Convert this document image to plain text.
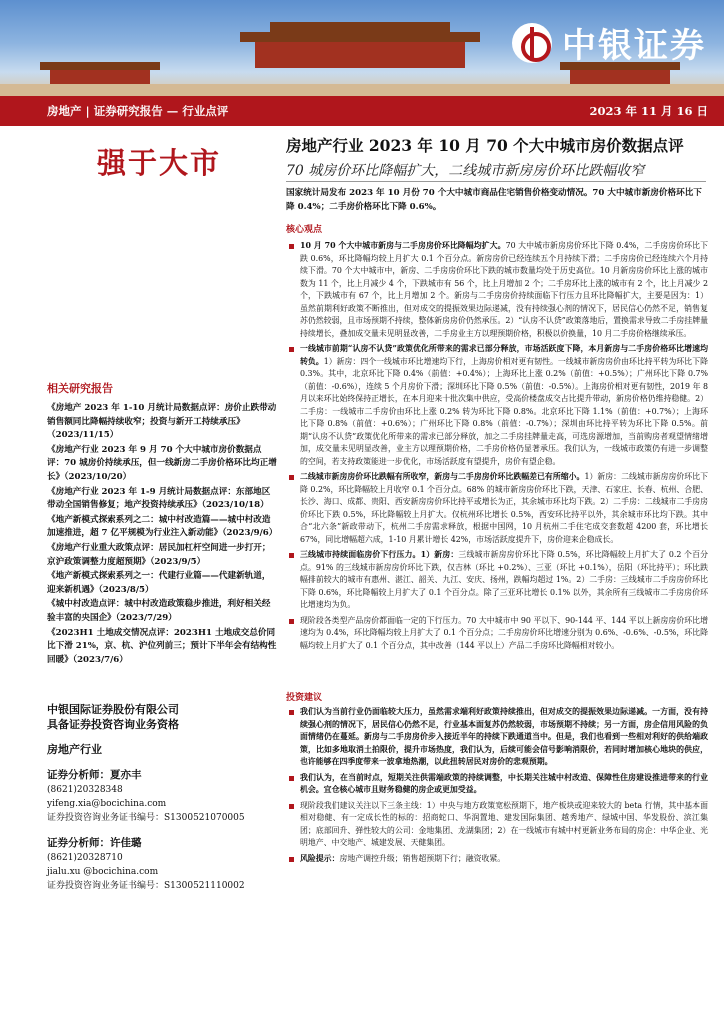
中银证券
房地产 | 证券研究报告 — 行业点评	2023 年 11 月 16 日
强于大市
房地产行业 2023 年 10 月 70 个大中城市房价数据点评
70 城房价环比降幅扩大，二线城市新房房价环比跌幅收窄
国家统计局发布 2023 年 10 月份 70 个大中城市商品住宅销售价格变动情况。70 大中城市新房价格环比下降 0.4%；二手房价格环比下降 0.6%。
核心观点
10 月 70 个大中城市新房与二手房房价环比降幅均扩大。70 大中城市新房房价环比下降 0.4%，二手房房价环比下跌 0.6%，环比降幅均较上月扩大 0.1 个百分点。新房房价已经连续五个月持续下滑；二手房房价已经连续六个月持续下滑。70 个大中城市中，新房、二手房房价环比下跌的城市数量均处于历史高位。10 月新房房价环比上涨的城市数为 11 个，比上月减少 4 个，下跌城市有 56 个，比上月增加 2 个；二手房环比上涨的城市有 2 个，比上月减少 2 个，下跌城市有 67 个，比上月增加 2 个。新房与二手房房价持续面临下行压力且环比降幅扩大，主要是因为：1）虽然前期利好政策不断推出，但对成交的提振效果边际递减，没有持续强心剂的情况下，居民信心仍然不足，销售复苏仍然较弱，且市场预期不持续，整体新房房价仍然承压。2）“认房不认贷”政策落地后，置换需求导致二手房挂牌量持续增长，叠加成交量未见明显改善，二手房业主方以理预期价格，积极以价换量，10 月二手房价格继续承压。
一线城市前期“认房不认贷”政策优化所带来的需求已部分释放，市场活跃度下降，本月新房与二手房价格环比增速均转负。1）新房：四个一线城市环比增速均下行，上海房价相对更有韧性。一线城市新房房价由环比持平转为环比下降 0.3%。其中，北京环比下降 0.4%（前值：+0.4%）；上海环比上涨 0.2%（前值：+0.5%）；广州环比下降 0.7%（前值：-0.6%），连续 5 个月房价下滑；深圳环比下降 0.5%（前值：-0.5%）。上海房价相对更有韧性，2019 年 8 月以来环比始终保持正增长，在本月迎来十批次集中供应，受高价楼盘成交占比提升带动，新房价格仍维持稳健。2）二手房：一线城市二手房价由环比上涨 0.2% 转为环比下降 0.8%。北京环比下降 1.1%（前值：+0.7%）；上海环比下降 0.8%（前值：+0.6%）；广州环比下降 0.8%（前值：-0.7%）；深圳由环比持平转为环比下降 0.5%。前期“认房不认贷”政策优化所带来的需求已部分释放，加之二手房挂牌量走高，可选房源增加，当前购房者观望情绪增加，成交量未见明显改善，业主方以理预期价格，二手房价格仍显著承压。我们认为，一线城市政策仍有进一步调整的空间，若支持政策能进一步优化，市场活跃度有望提升，房价有望企稳。
二线城市新房房价环比跌幅有所收窄，新房与二手房房价环比跌幅差已有所缩小。1）新房：二线城市新房房价环比下降 0.2%，环比降幅较上月收窄 0.1 个百分点。68% 的城市新房房价环比下跌，天津、石家庄、长春、杭州、合肥、长沙、海口、成都、贵阳、西安新房房价环比持平或增长为正，其余城市环比均下跌。2）二手房：二线城市二手房房价环比下跌 0.5%，环比降幅较上月扩大。仅杭州环比增长 0.5%，西安环比持平以外，其余城市环比均下跌。其中合“北六条”新政带动下，杭州二手房需求释放，根据中国网，10 月杭州二手住宅成交套数超 4200 套，环比增长 67%，同比增幅超六成，1-10 月累计增长 42%，市场活跃度提升下，房价迎来企稳成长。
三线城市持续面临房价下行压力。1）新房：三线城市新房房价环比下降 0.5%，环比降幅较上月扩大了 0.2 个百分点。91% 的三线城市新房房价环比下跌，仅吉林（环比 +0.2%）、三亚（环比 +0.1%），岳阳（环比持平）；环比跌幅排前较大的城市有惠州、湛江、韶关、九江、安庆、扬州，跌幅均超过 1%。2）二手房：三线城市二手房房价环比下降 0.6%，环比降幅较上月扩大了 0.1 个百分点。除了三亚环比增长 0.1% 以外，其余所有三线城市二手房房价环比增速均为负。
现阶段各类型产品房价都面临一定的下行压力。70 大中城市中 90 平以下、90-144 平、144 平以上新房房价环比增速均为 0.4%，环比降幅均较上月扩大了 0.1 个百分点；二手房房价环比增速分别为 0.6%、-0.6%、-0.5%，环比降幅均较上月扩大了 0.1 个百分点，其中改善（144 平以上）产品二手房环比降幅相对较小。
投资建议
我们认为当前行业仍面临较大压力，虽然需求端利好政策持续推出，但对成交的提振效果边际递减。一方面，没有持续强心剂的情况下，居民信心仍然不足，行业基本面复苏仍然较弱，市场预期不持续；另一方面，房企信用风险的负面情绪仍在蔓延。新房与二手房房价步入接近半年的持续下跌通道当中。但是，我们也看到一些相对利好的供给端政策，比如多地取消土拍限价，提升市场热度，我们认为，后续可能会信号影响消限价，若同时增加核心地块的供应，也许能够在四季度带来一波拿地热潮，以此扭转居民对房价的悲观预期。
我们认为，在当前时点，短期关注供需端政策的持续调整，中长期关注城中村改造、保障性住房建设推进带来的行业机会。宜仓核心城市且财务稳健的房企或更加受益。
现阶段我们建议关注以下三条主线：1）中央与地方政策宽松预期下，地产板块或迎来较大的 beta 行情，其中基本面相对稳健、有一定成长性的标的：招商蛇口、华润置地、建发国际集团、越秀地产、绿城中国、华发股份、滨江集团；底部回升、弹性较大的公司：金地集团、龙湖集团；2）在一线城市有城中村更新业务布局的房企：中华企业、光明地产、中交地产、城建发展、天健集团。
风险提示：房地产调控升级；销售超预期下行；融资收紧。
相关研究报告
《房地产 2023 年 1-10 月统计局数据点评：房价止跌带动销售额同比降幅持续收窄；投资与新开工持续承压》（2023/11/15）
《房地产行业 2023 年 9 月 70 个大中城市房价数据点评：70 城房价持续承压，但一线新房二手房价格环比均正增长》（2023/10/20）
《房地产行业 2023 年 1-9 月统计局数据点评：东部地区带动全国销售修复；地产投资持续承压》（2023/10/18）
《地产新模式探索系列之二：城中村改造篇——城中村改造加速推进，超 7 亿平规模为行业注入新动能》（2023/9/6）
《房地产行业重大政策点评：居民加杠杆空间进一步打开；京沪政策调整力度超预期》（2023/9/5）
《地产新模式探索系列之一：代建行业篇——代建新轨道，迎来新机遇》（2023/8/5）
《城中村改造点评：城中村改造政策稳步推进，利好相关经验丰富的央国企》（2023/7/29）
《2023H1 土地成交情况点评：2023H1 土地成交总价同比下滑 21%，京、杭、沪位列前三；预计下半年会有结构性回暖》（2023/7/6）
中银国际证券股份有限公司
具备证券投资咨询业务资格
房地产行业
证券分析师：夏亦丰
(8621)20328348
yifeng.xia@bocichina.com
证券投资咨询业务证书编号：S1300521070005
证券分析师：许佳璐
(8621)20328710
jialu.xu @bocichina.com
证券投资咨询业务证书编号：S1300521110002
